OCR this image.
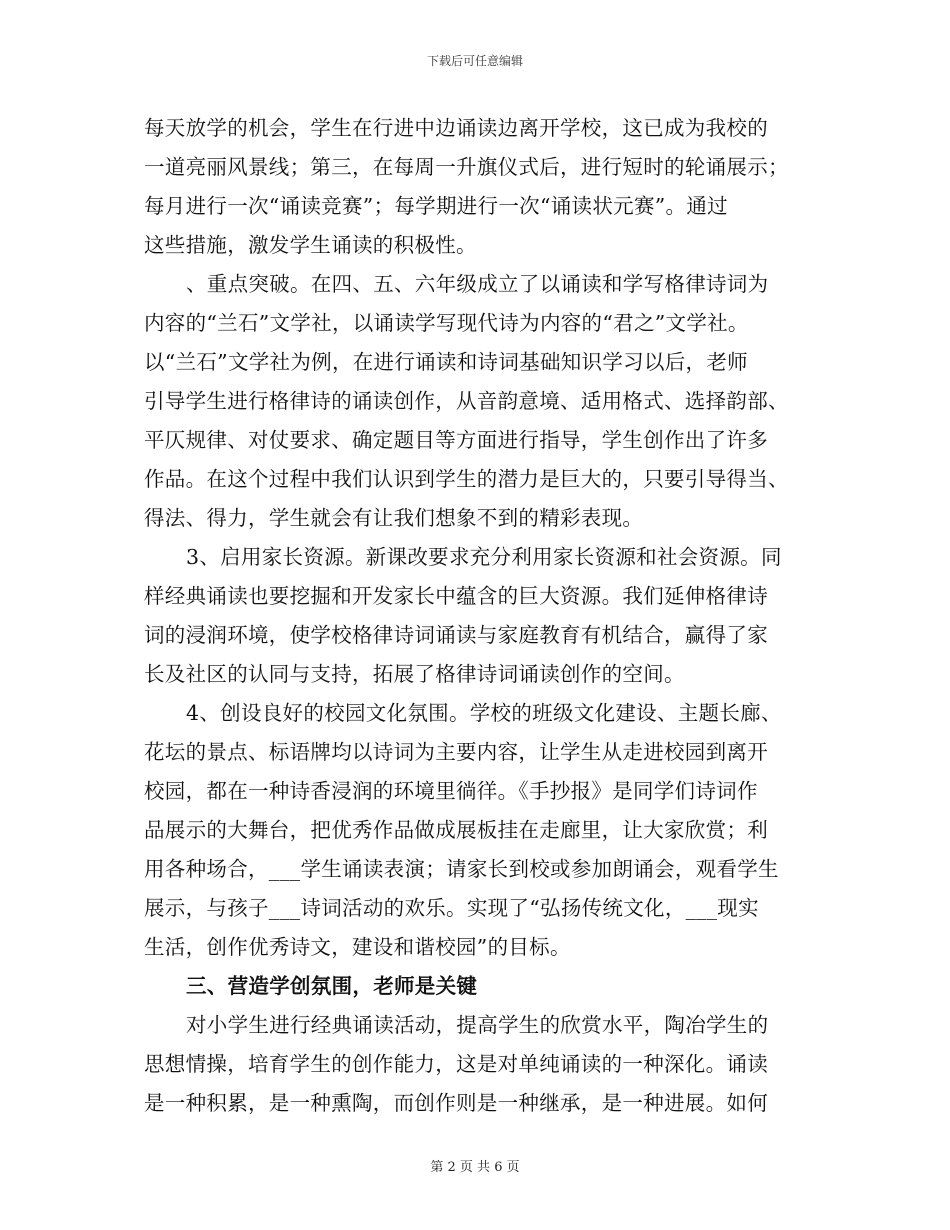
下载后可任意编辑
每天放学的机会，学生在行进中边诵读边离开学校，这已成为我校的
一道亮丽风景线；第三，在每周一升旗仪式后，进行短时的轮诵展示；
每月进行一次“诵读竞赛”；每学期进行一次“诵读状元赛”。通过
这些措施，激发学生诵读的积极性。
、重点突破。在四、五、六年级成立了以诵读和学写格律诗词为
内容的“兰石”文学社，以诵读学写现代诗为内容的“君之”文学社。
以“兰石”文学社为例，在进行诵读和诗词基础知识学习以后，老师
引导学生进行格律诗的诵读创作，从音韵意境、适用格式、选择韵部、
平仄规律、对仗要求、确定题目等方面进行指导，学生创作出了许多
作品。在这个过程中我们认识到学生的潜力是巨大的，只要引导得当、
得法、得力，学生就会有让我们想象不到的精彩表现。
3、启用家长资源。新课改要求充分利用家长资源和社会资源。同
样经典诵读也要挖掘和开发家长中蕴含的巨大资源。我们延伸格律诗
词的浸润环境，使学校格律诗词诵读与家庭教育有机结合，赢得了家
长及社区的认同与支持，拓展了格律诗词诵读创作的空间。
4、创设良好的校园文化氛围。学校的班级文化建设、主题长廊、
花坛的景点、标语牌均以诗词为主要内容，让学生从走进校园到离开
校园，都在一种诗香浸润的环境里徜徉。《手抄报》是同学们诗词作
品展示的大舞台，把优秀作品做成展板挂在走廊里，让大家欣赏；利
用各种场合，___学生诵读表演；请家长到校或参加朗诵会，观看学生
展示，与孩子___诗词活动的欢乐。实现了“弘扬传统文化，___现实
生活，创作优秀诗文，建设和谐校园”的目标。
三、营造学创氛围，老师是关键
对小学生进行经典诵读活动，提高学生的欣赏水平，陶冶学生的
思想情操，培育学生的创作能力，这是对单纯诵读的一种深化。诵读
是一种积累，是一种熏陶，而创作则是一种继承，是一种进展。如何
第 2 页 共 6 页
